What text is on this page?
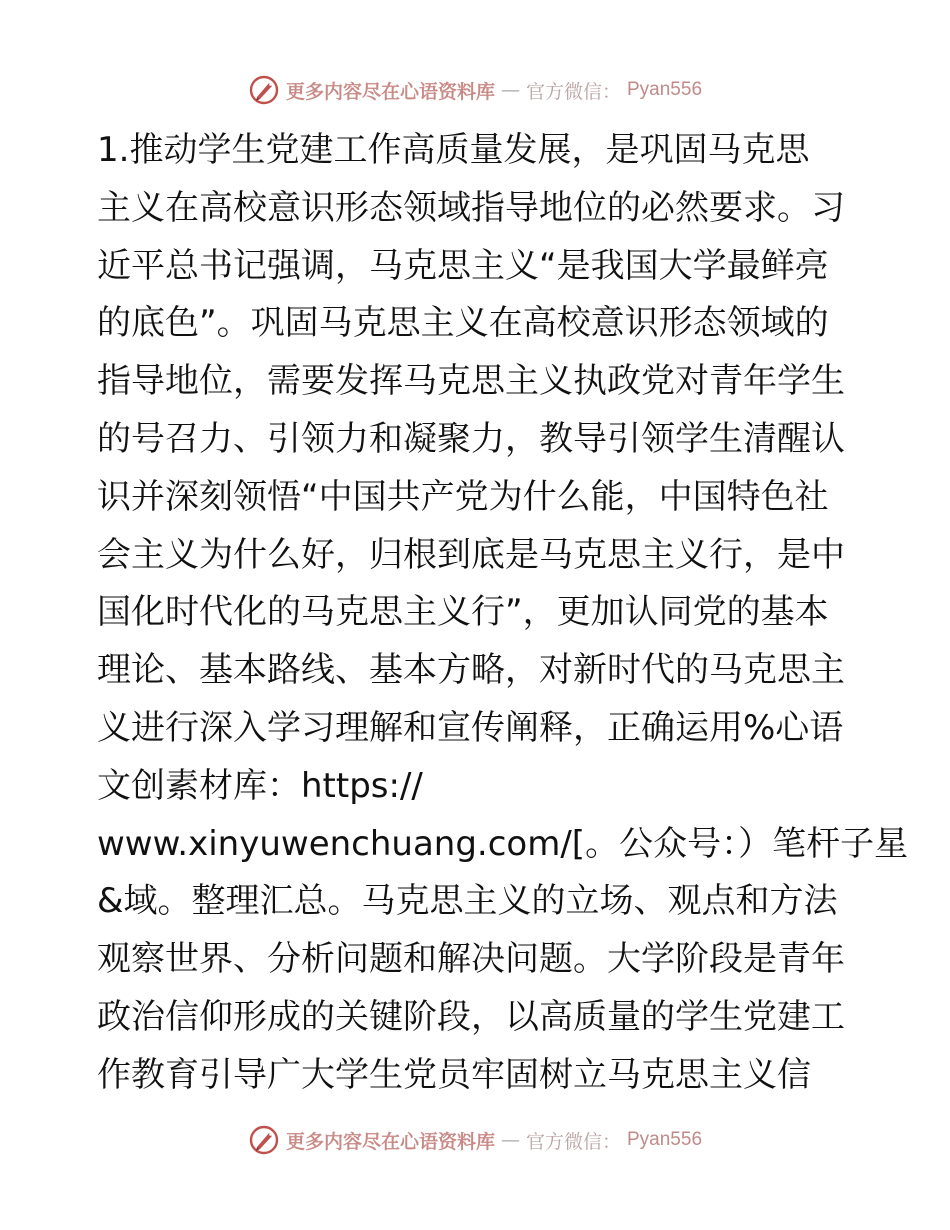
更多内容尽在心语资料库 — 官方微信： Pyan556
1.推动学生党建工作高质量发展，是巩固马克思
主义在高校意识形态领域指导地位的必然要求。习
近平总书记强调，马克思主义“是我国大学最鲜亮
的底色”。巩固马克思主义在高校意识形态领域的
指导地位，需要发挥马克思主义执政党对青年学生
的号召力、引领力和凝聚力，教导引领学生清醒认
识并深刻领悟“中国共产党为什么能，中国特色社
会主义为什么好，归根到底是马克思主义行，是中
国化时代化的马克思主义行”，更加认同党的基本
理论、基本路线、基本方略，对新时代的马克思主
义进行深入学习理解和宣传阐释，正确运用%心语
文创素材库：https://
www.xinyuwenchuang.com/[。公众号：）笔杆子星
&域。整理汇总。马克思主义的立场、观点和方法
观察世界、分析问题和解决问题。大学阶段是青年
政治信仰形成的关键阶段，以高质量的学生党建工
作教育引导广大学生党员牢固树立马克思主义信
更多内容尽在心语资料库 — 官方微信： Pyan556
